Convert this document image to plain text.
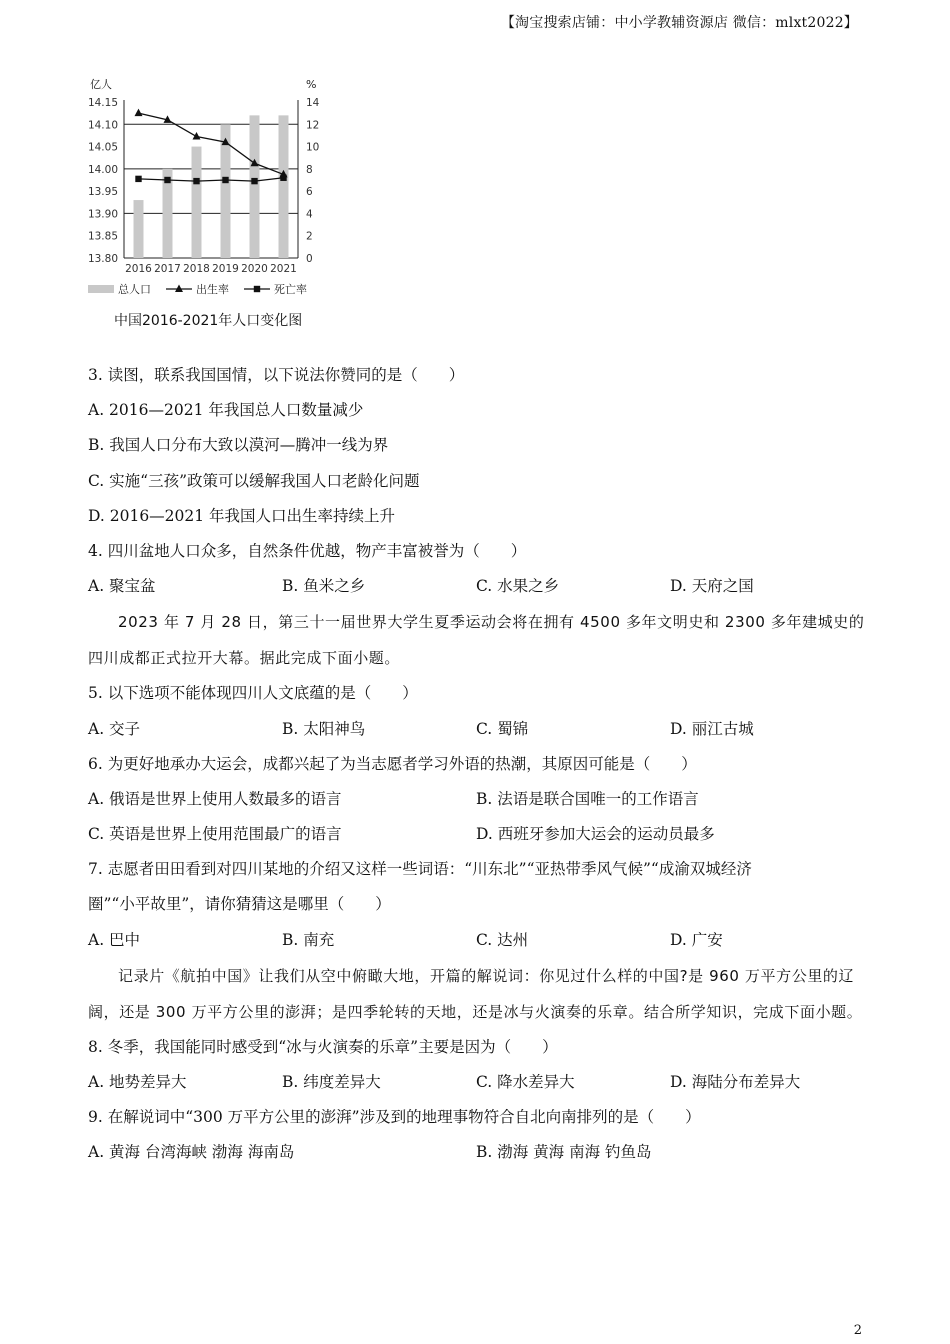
【淘宝搜索店铺：中小学教辅资源店 微信：mlxt2022】
亿人	%
14.15	14
14.10	12
14.05	10
14.00	8
13.95	6
13.90	4
13.85	2
13.80	0
2016 2017 2018 2019 2020 2021
总人口	出生率	死亡率
中国2016-2021年人口变化图
3. 读图，联系我国国情，以下说法你赞同的是（　　）
A. 2016—2021 年我国总人口数量减少
B. 我国人口分布大致以漠河—腾冲一线为界
C. 实施“三孩”政策可以缓解我国人口老龄化问题
D. 2016—2021 年我国人口出生率持续上升
4. 四川盆地人口众多，自然条件优越，物产丰富被誉为（　　）
A. 聚宝盆	B. 鱼米之乡	C. 水果之乡	D. 天府之国
2023 年 7 月 28 日，第三十一届世界大学生夏季运动会将在拥有 4500 多年文明史和 2300 多年建城史的四川成都正式拉开大幕。据此完成下面小题。
5. 以下选项不能体现四川人文底蕴的是（　　）
A. 交子	B. 太阳神鸟	C. 蜀锦	D. 丽江古城
6. 为更好地承办大运会，成都兴起了为当志愿者学习外语的热潮，其原因可能是（　　）
A. 俄语是世界上使用人数最多的语言	B. 法语是联合国唯一的工作语言
C. 英语是世界上使用范围最广的语言	D. 西班牙参加大运会的运动员最多
7. 志愿者田田看到对四川某地的介绍又这样一些词语：“川东北”“亚热带季风气候”“成渝双城经济
圈”“小平故里”，请你猜猜这是哪里（　　）
A. 巴中	B. 南充	C. 达州	D. 广安
记录片《航拍中国》让我们从空中俯瞰大地，开篇的解说词：你见过什么样的中国?是 960 万平方公里的辽阔，还是 300 万平方公里的澎湃；是四季轮转的天地，还是冰与火演奏的乐章。结合所学知识，完成下面小题。
8. 冬季，我国能同时感受到“冰与火演奏的乐章”主要是因为（　　）
A. 地势差异大	B. 纬度差异大	C. 降水差异大	D. 海陆分布差异大
9. 在解说词中“300 万平方公里的澎湃”涉及到的地理事物符合自北向南排列的是（　　）
A. 黄海 台湾海峡 渤海 海南岛	B. 渤海 黄海 南海 钓鱼岛
2
